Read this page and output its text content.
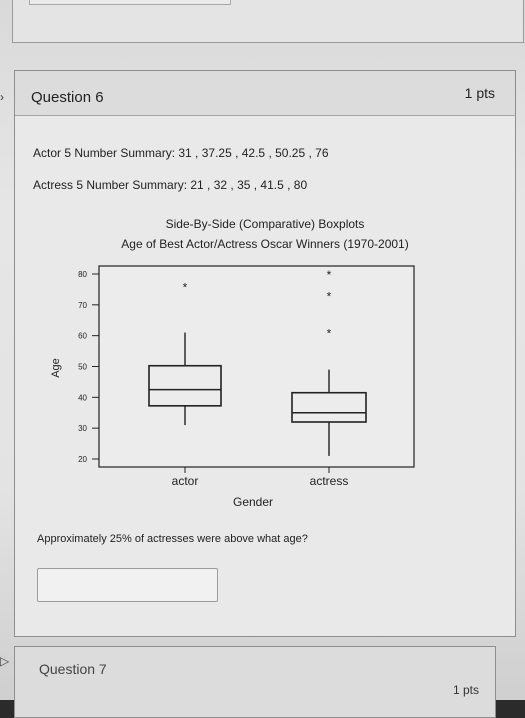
› Question 6	1 pts
Actor 5 Number Summary: 31 , 37.25 , 42.5 , 50.25 , 76
Actress 5 Number Summary: 21 , 32 , 35 , 41.5 , 80
Side-By-Side (Comparative) Boxplots
Age of Best Actor/Actress Oscar Winners (1970-2001)
20
30
40
50
60
70
80
*
actor
*
*
*
actress
Age
Gender
Approximately 25% of actresses were above what age?
▷ Question 7
1 pts
